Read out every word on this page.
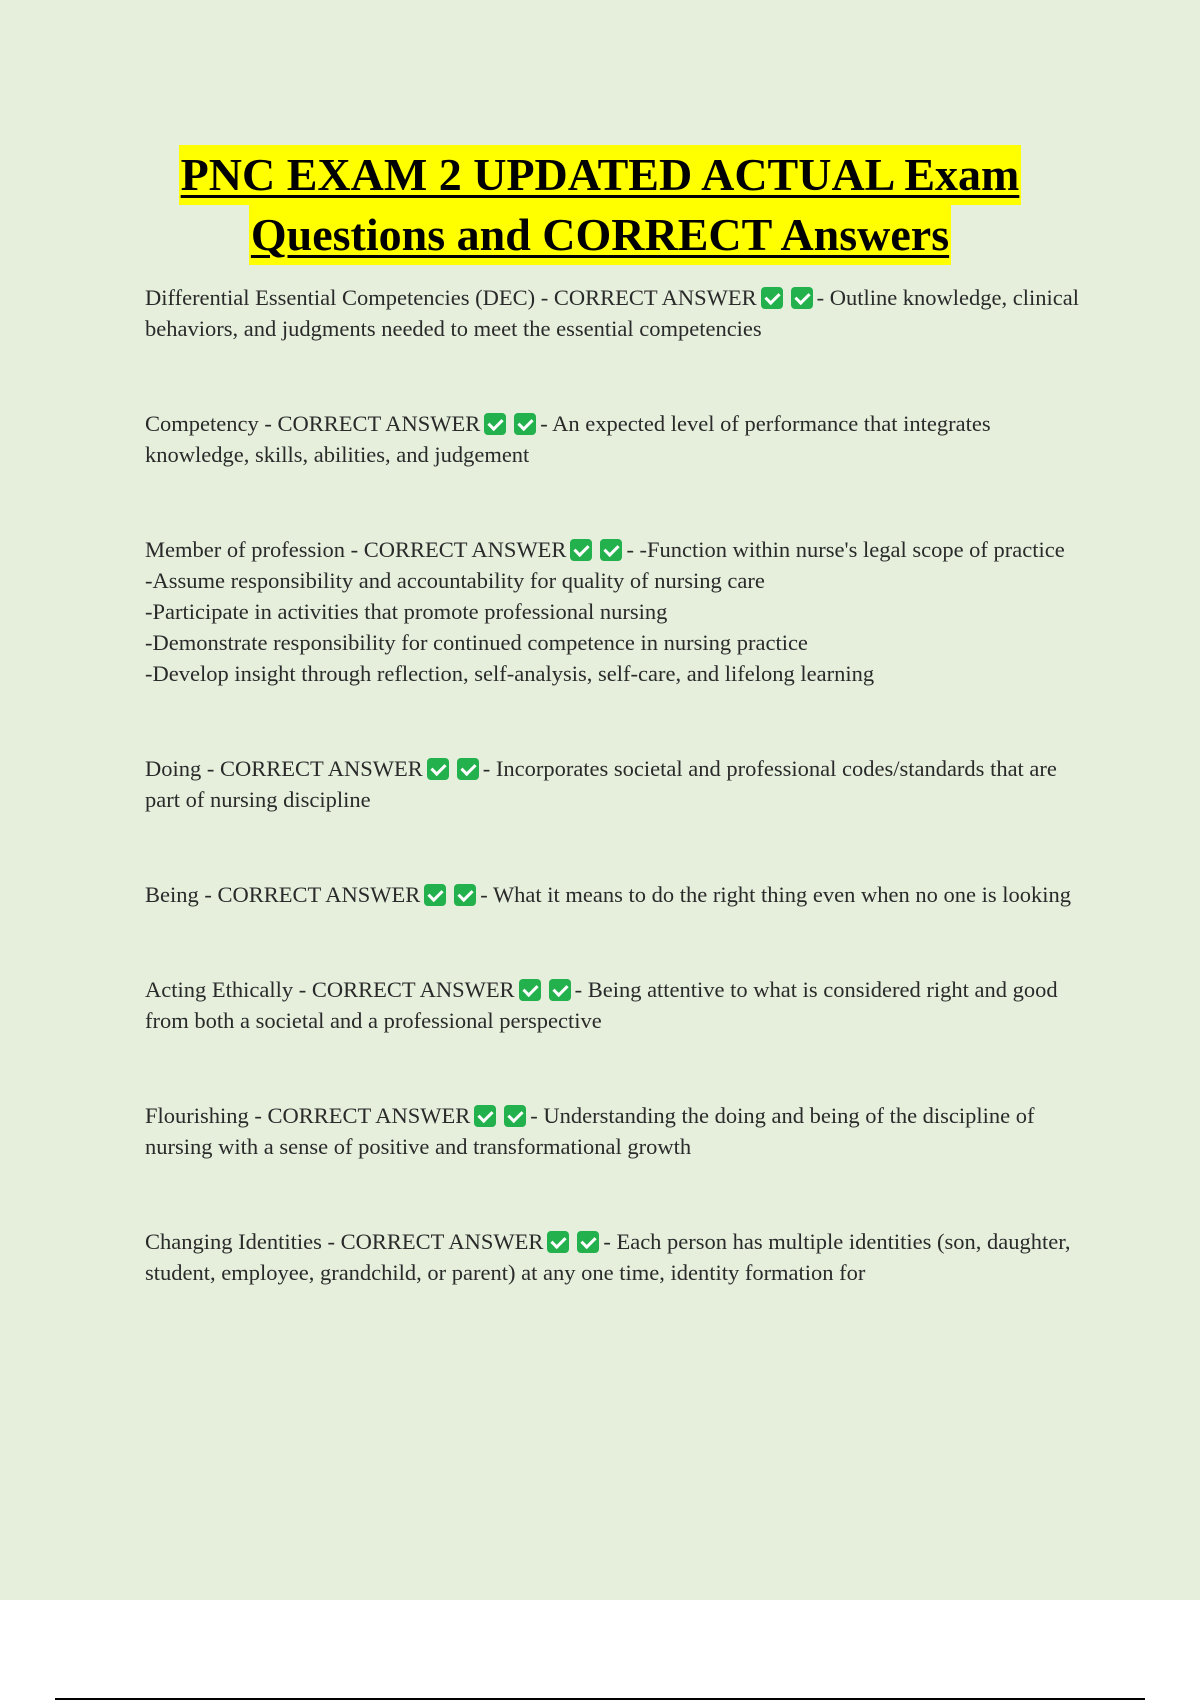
PNC EXAM 2 UPDATED ACTUAL Exam
Questions and CORRECT Answers

Differential Essential Competencies (DEC) - CORRECT ANSWER	- Outline knowledge, clinical behaviors, and judgments needed to meet the essential competencies

Competency - CORRECT ANSWER	- An expected level of performance that integrates knowledge, skills, abilities, and judgement

Member of profession - CORRECT ANSWER	- -Function within nurse's legal scope of practice

-Assume responsibility and accountability for quality of nursing care

-Participate in activities that promote professional nursing

-Demonstrate responsibility for continued competence in nursing practice

-Develop insight through reflection, self-analysis, self-care, and lifelong learning

Doing - CORRECT ANSWER	- Incorporates societal and professional codes/standards that are part of nursing discipline

Being - CORRECT ANSWER	- What it means to do the right thing even when no one is looking

Acting Ethically - CORRECT ANSWER	- Being attentive to what is considered right and good from both a societal and a professional perspective

Flourishing - CORRECT ANSWER	- Understanding the doing and being of the discipline of nursing with a sense of positive and transformational growth

Changing Identities - CORRECT ANSWER	- Each person has multiple identities (son, daughter, student, employee, grandchild, or parent) at any one time, identity formation for
